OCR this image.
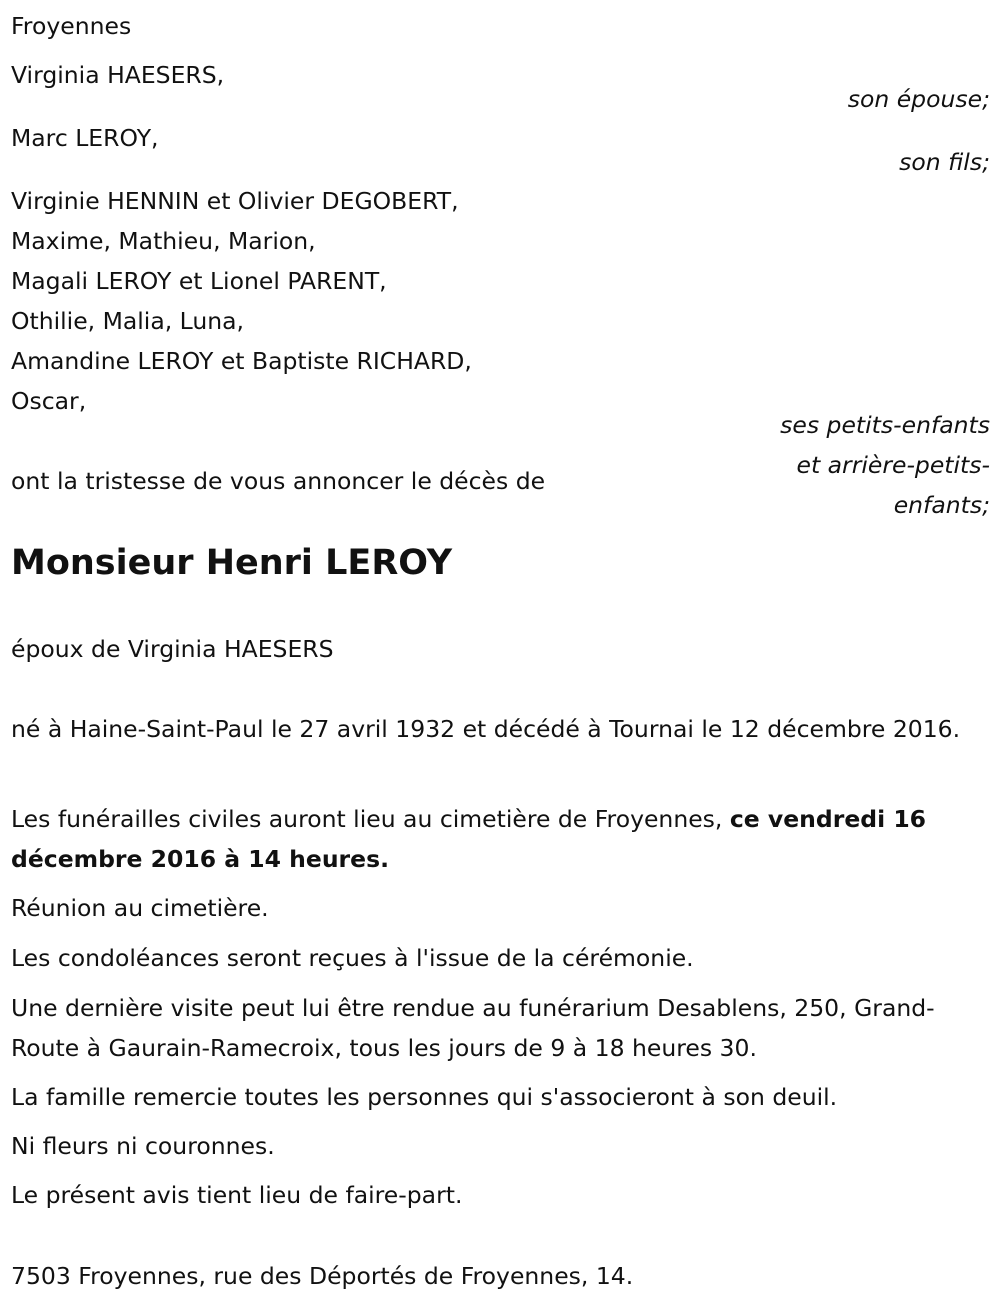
Froyennes
Virginia HAESERS,
son épouse;
Marc LEROY,
son fils;
Virginie HENNIN et Olivier DEGOBERT,
Maxime, Mathieu, Marion,
Magali LEROY et Lionel PARENT,
Othilie, Malia, Luna,
Amandine LEROY et Baptiste RICHARD,
Oscar,
ses petits-enfants
et arrière-petits-
enfants;
ont la tristesse de vous annoncer le décès de
Monsieur Henri LEROY
époux de Virginia HAESERS
né à Haine-Saint-Paul le 27 avril 1932 et décédé à Tournai le 12 décembre 2016.
Les funérailles civiles auront lieu au cimetière de Froyennes, ce vendredi 16 décembre 2016 à 14 heures.
Réunion au cimetière.
Les condoléances seront reçues à l'issue de la cérémonie.
Une dernière visite peut lui être rendue au funérarium Desablens, 250, Grand-Route à Gaurain-Ramecroix, tous les jours de 9 à 18 heures 30.
La famille remercie toutes les personnes qui s'associeront à son deuil.
Ni fleurs ni couronnes.
Le présent avis tient lieu de faire-part.
7503 Froyennes, rue des Déportés de Froyennes, 14.
